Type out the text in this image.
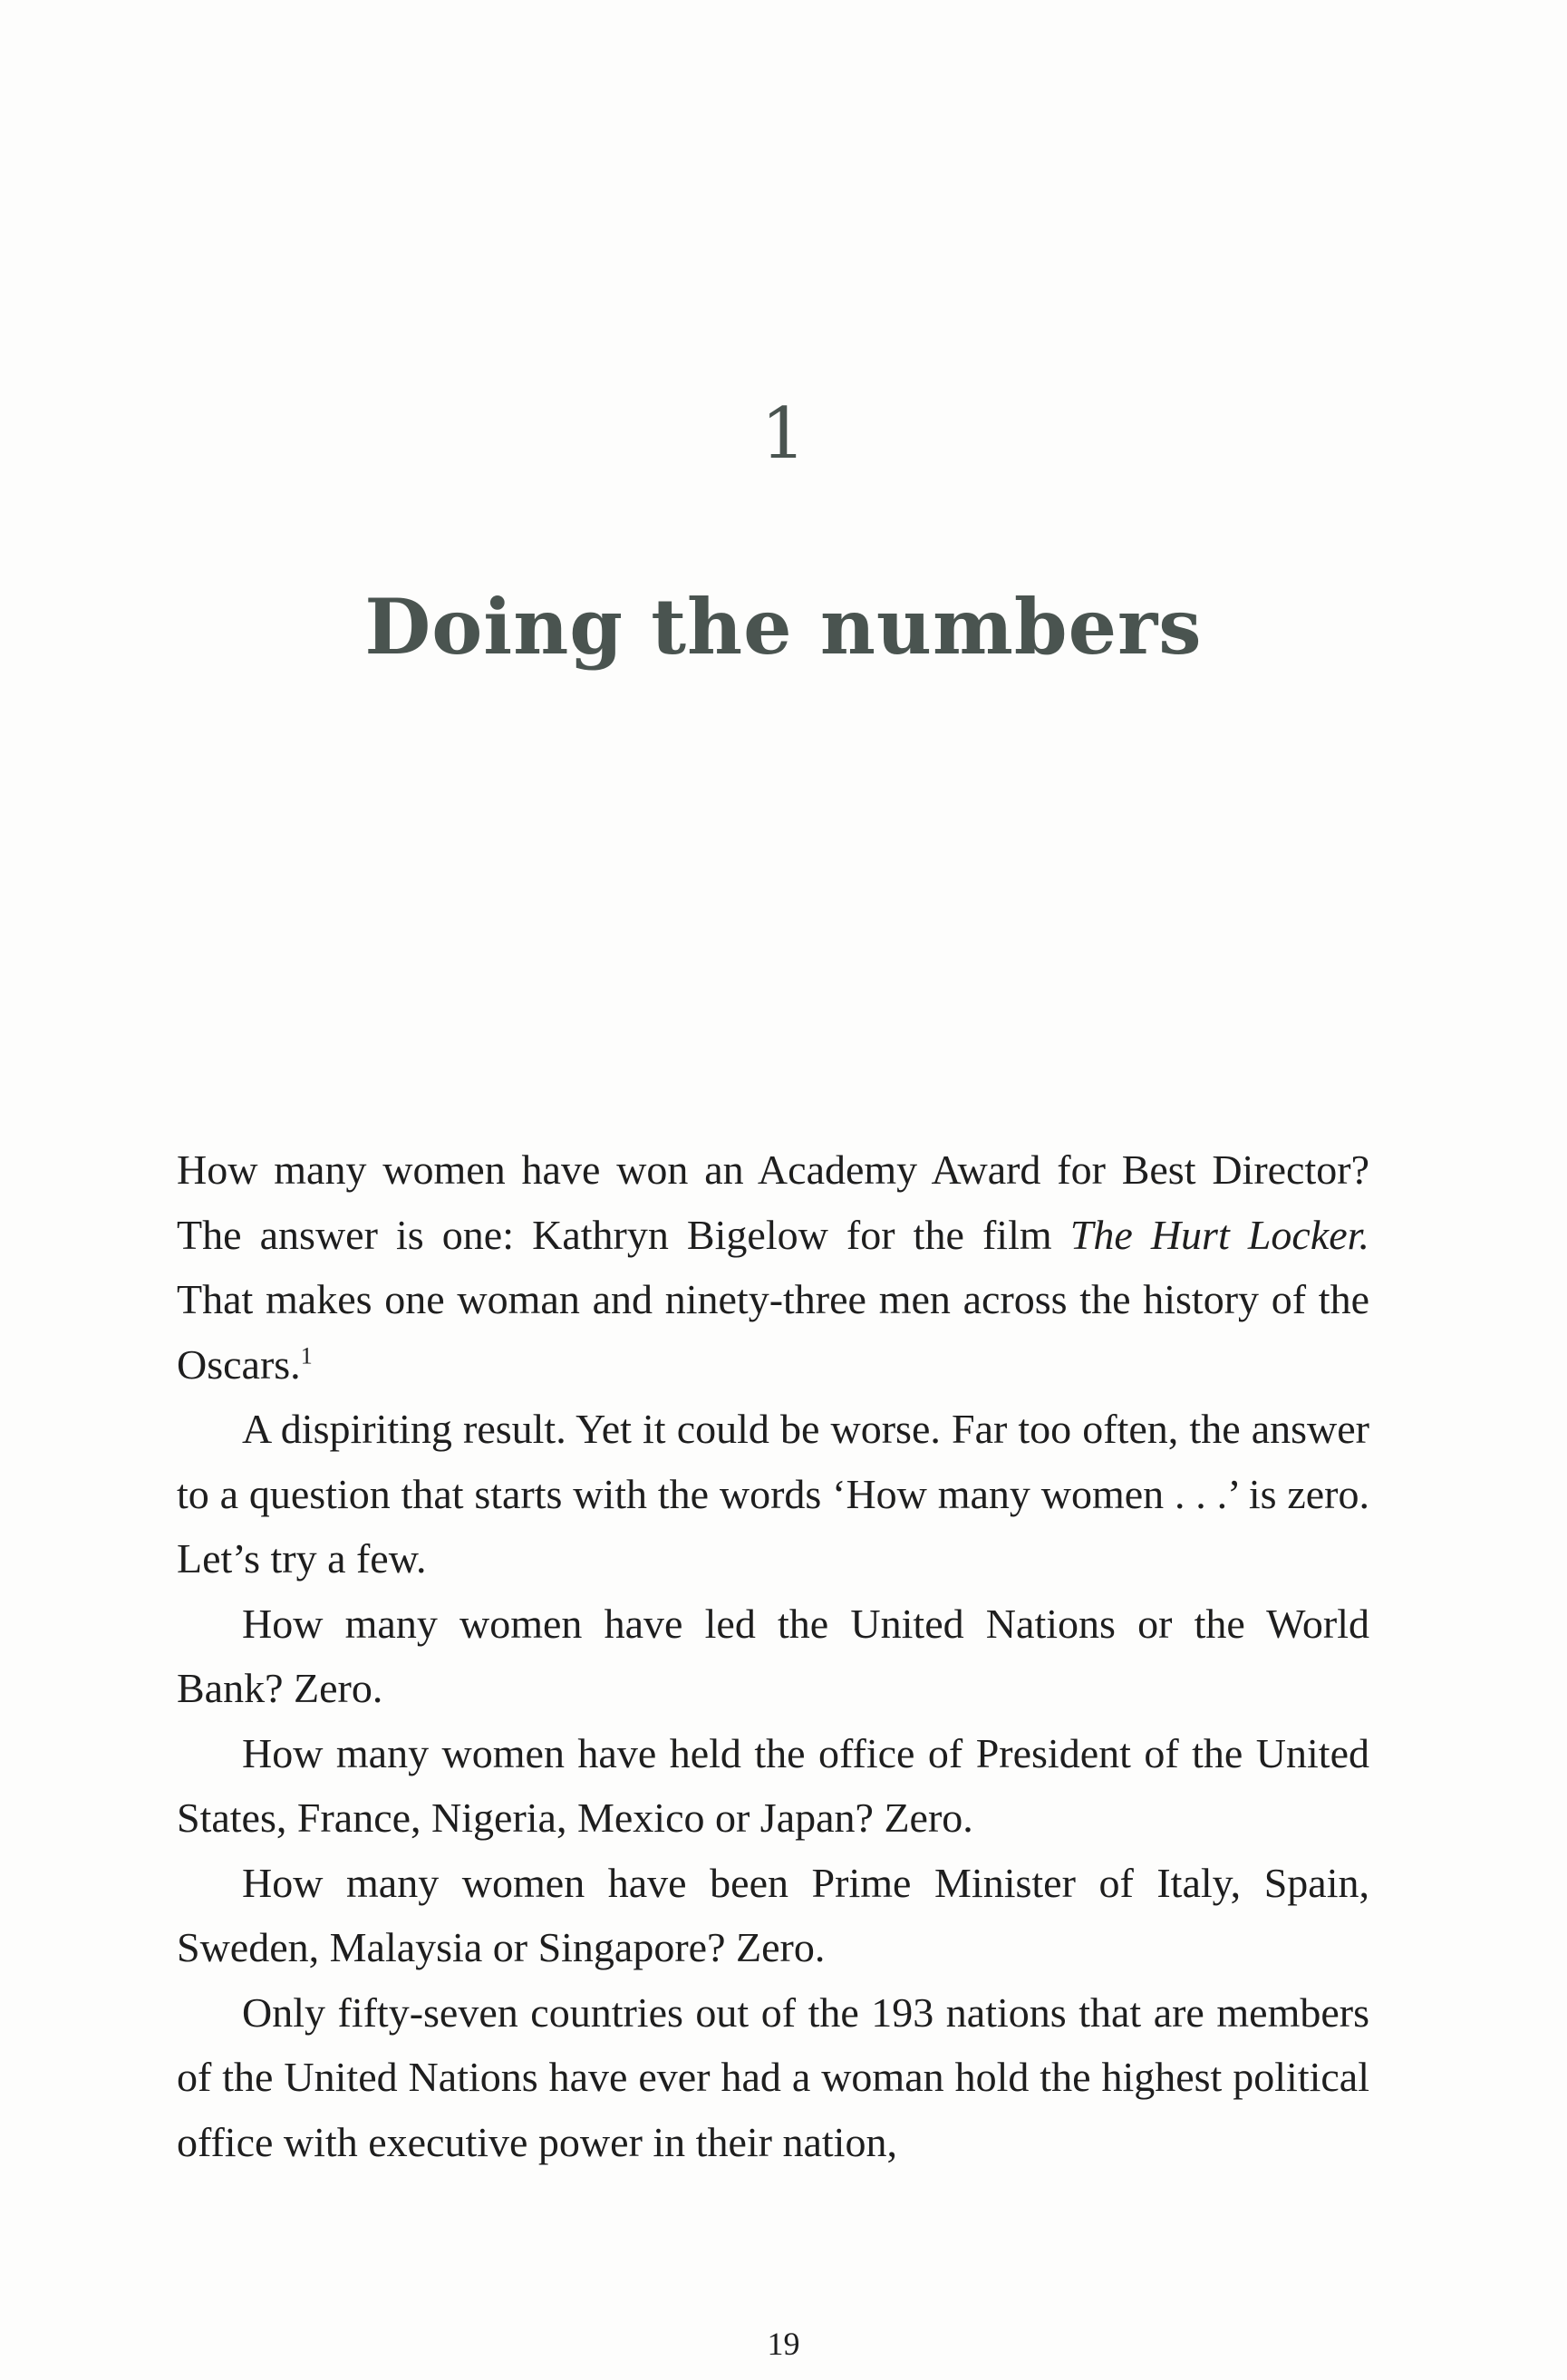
1
Doing the numbers

How many women have won an Academy Award for Best Director? The answer is one: Kathryn Bigelow for the film The Hurt Locker. That makes one woman and ninety-three men across the history of the Oscars.$^1$

A dispiriting result. Yet it could be worse. Far too often, the answer to a question that starts with the words ‘How many women . . .’ is zero. Let’s try a few.

How many women have led the United Nations or the World Bank? Zero.

How many women have held the office of President of the United States, France, Nigeria, Mexico or Japan? Zero.

How many women have been Prime Minister of Italy, Spain, Sweden, Malaysia or Singapore? Zero.

Only fifty-seven countries out of the 193 nations that are members of the United Nations have ever had a woman hold the highest political office with executive power in their nation,

19
